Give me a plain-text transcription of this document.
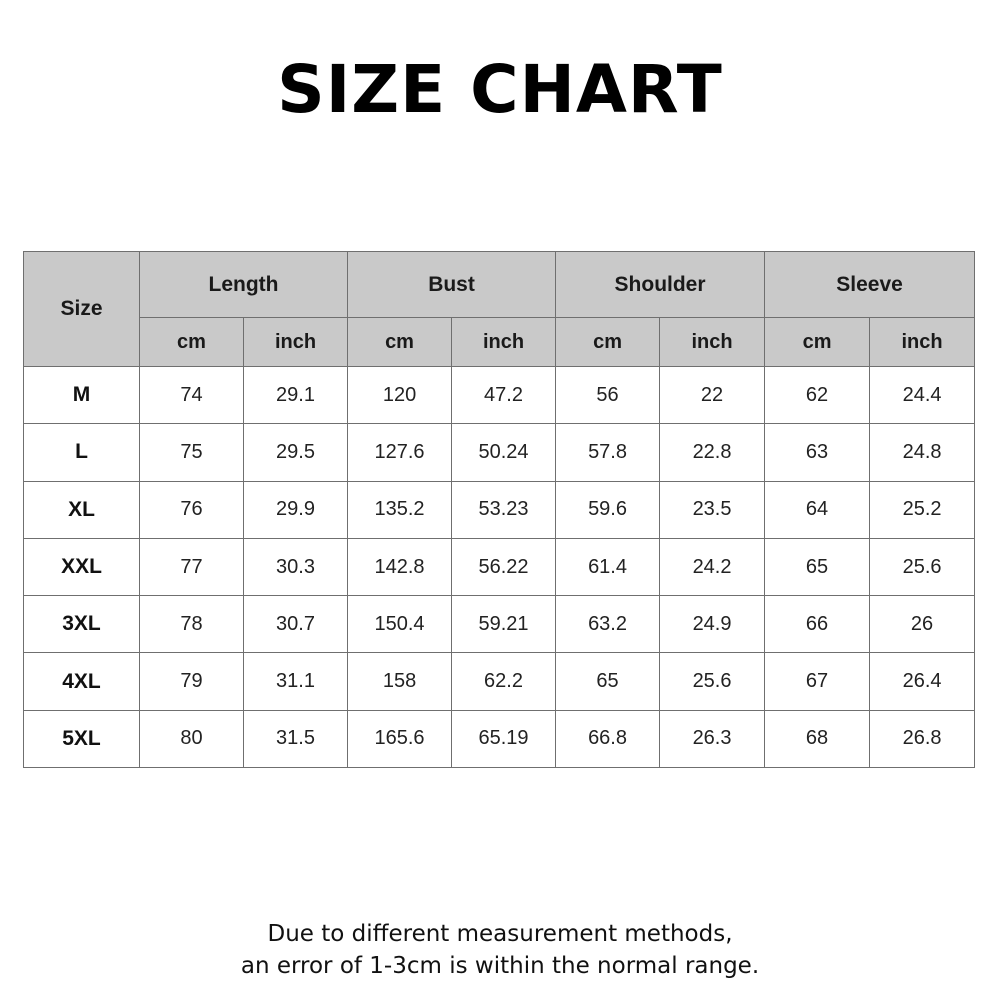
SIZE CHART
Size	Length		Bust		Shoulder		Sleeve	
	cm	inch	cm	inch	cm	inch	cm	inch
M	74	29.1	120	47.2	56	22	62	24.4
L	75	29.5	127.6	50.24	57.8	22.8	63	24.8
XL	76	29.9	135.2	53.23	59.6	23.5	64	25.2
XXL	77	30.3	142.8	56.22	61.4	24.2	65	25.6
3XL	78	30.7	150.4	59.21	63.2	24.9	66	26
4XL	79	31.1	158	62.2	65	25.6	67	26.4
5XL	80	31.5	165.6	65.19	66.8	26.3	68	26.8
Due to different measurement methods,
an error of 1-3cm is within the normal range.
